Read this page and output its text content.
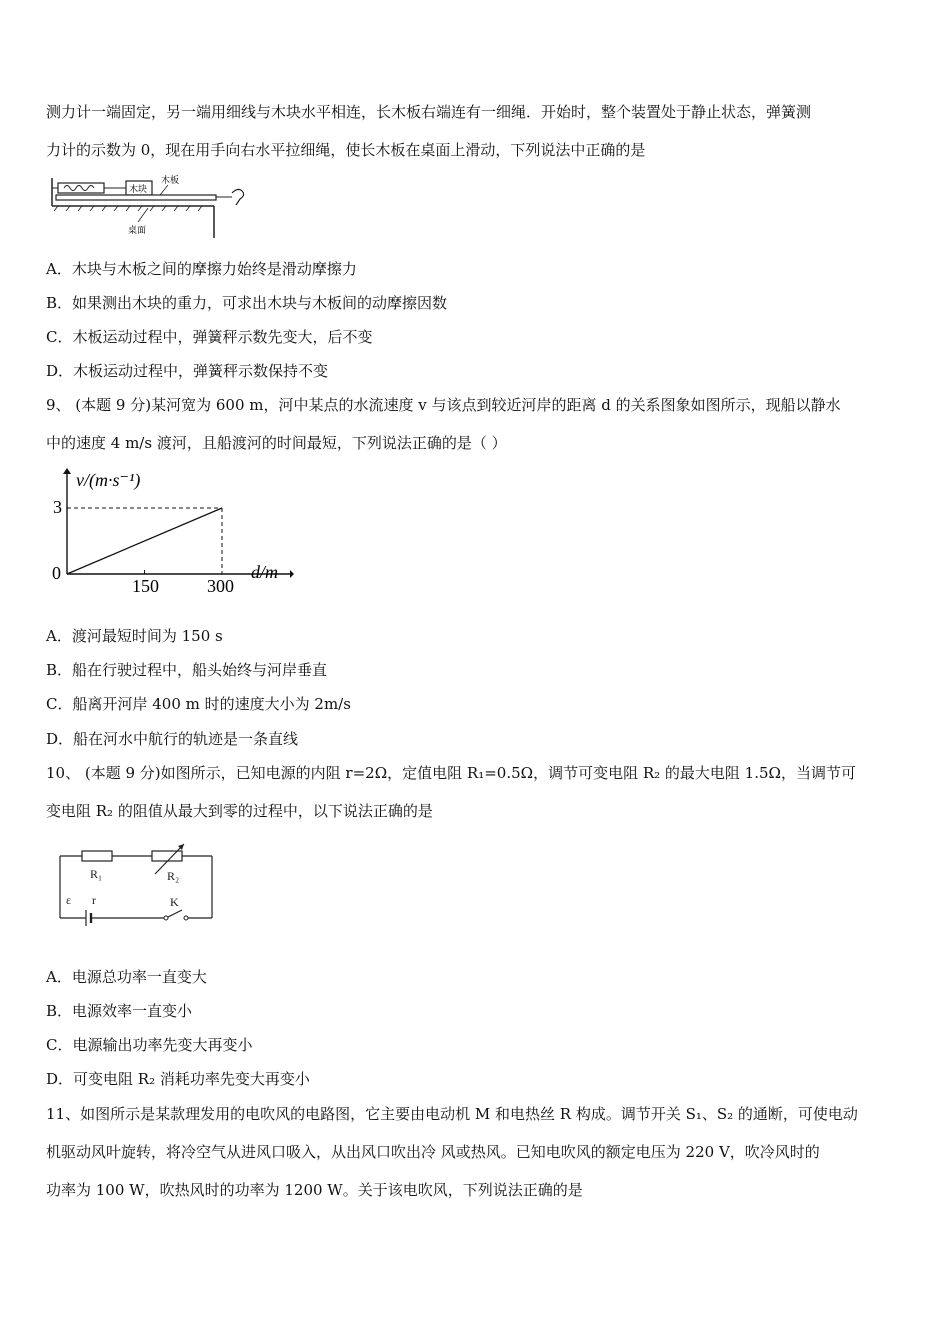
测力计一端固定，另一端用细线与木块水平相连，长木板右端连有一细绳．开始时，整个装置处于静止状态，弹簧测
力计的示数为 0，现在用手向右水平拉细绳，使长木板在桌面上滑动，下列说法中正确的是
木块
木板
桌面
A．木块与木板之间的摩擦力始终是滑动摩擦力
B．如果测出木块的重力，可求出木块与木板间的动摩擦因数
C．木板运动过程中，弹簧秤示数先变大，后不变
D．木板运动过程中，弹簧秤示数保持不变
9、 (本题 9 分)某河宽为 600 m，河中某点的水流速度 v 与该点到较近河岸的距离 d 的关系图象如图所示，现船以静水
中的速度 4 m/s 渡河，且船渡河的时间最短，下列说法正确的是（ ）
v/(m·s⁻¹)
d/m
0
150	300
3
A．渡河最短时间为 150 s
B．船在行驶过程中，船头始终与河岸垂直
C．船离开河岸 400 m 时的速度大小为 2m/s
D．船在河水中航行的轨迹是一条直线
10、 (本题 9 分)如图所示，已知电源的内阻 r=2Ω，定值电阻 R₁=0.5Ω，调节可变电阻 R₂ 的最大电阻 1.5Ω，当调节可
变电阻 R₂ 的阻值从最大到零的过程中，以下说法正确的是
R₁	R₂
ε r	K
A．电源总功率一直变大
B．电源效率一直变小
C．电源输出功率先变大再变小
D．可变电阻 R₂ 消耗功率先变大再变小
11、如图所示是某款理发用的电吹风的电路图，它主要由电动机 M 和电热丝 R 构成。调节开关 S₁、S₂ 的通断，可使电动
机驱动风叶旋转，将冷空气从进风口吸入，从出风口吹出冷 风或热风。已知电吹风的额定电压为 220 V，吹冷风时的
功率为 100 W，吹热风时的功率为 1200 W。关于该电吹风，下列说法正确的是
